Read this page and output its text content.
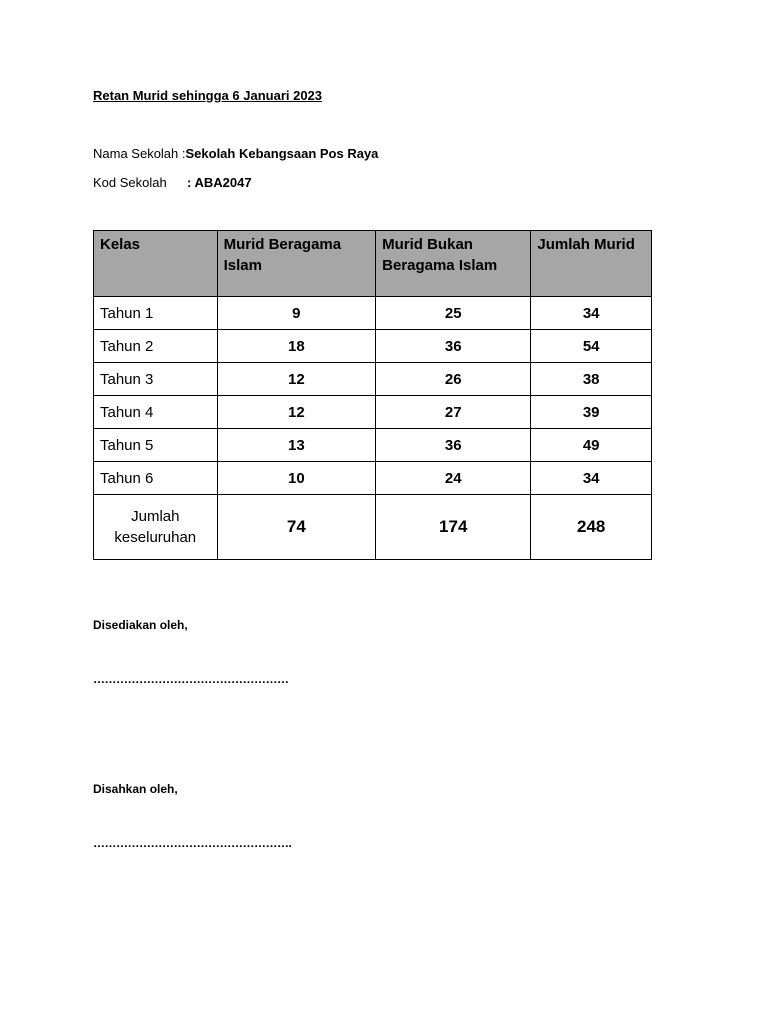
Retan Murid sehingga 6 Januari 2023
Nama Sekolah :Sekolah Kebangsaan Pos Raya
Kod Sekolah : ABA2047
Kelas	Murid Beragama Islam	Murid Bukan Beragama Islam	Jumlah Murid
Tahun 1	9	25	34
Tahun 2	18	36	54
Tahun 3	12	26	38
Tahun 4	12	27	39
Tahun 5	13	36	49
Tahun 6	10	24	34
Jumlah keseluruhan	74	174	248
Disediakan oleh,
……………………………………………
Disahkan oleh,
…………………………………………….
